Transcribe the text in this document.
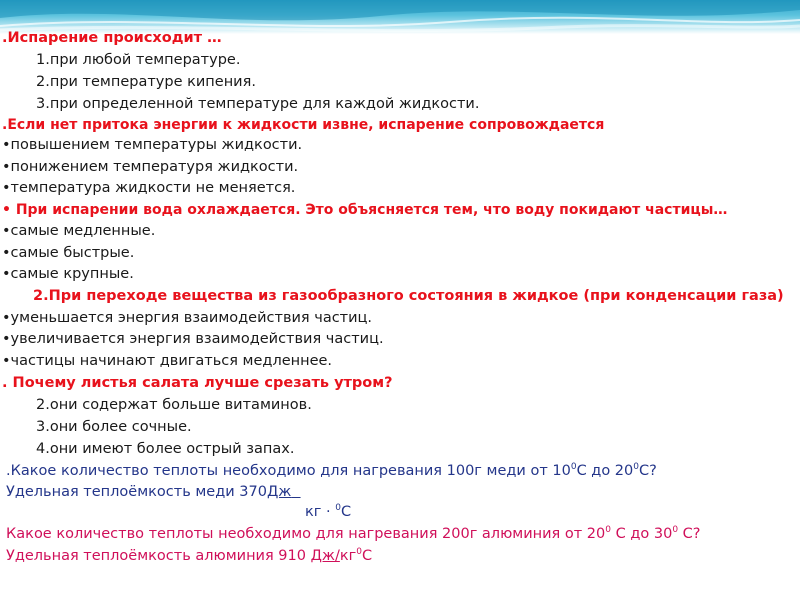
.Испарение происходит …
1.при любой температуре.
2.при температуре кипения.
3.при определенной температуре для каждой жидкости.
.Если нет притока энергии к жидкости извне, испарение сопровождается
•повышением температуры жидкости.
•понижением температуря жидкости.
•температура жидкости не меняется.
• При испарении вода охлаждается. Это объясняется тем, что воду покидают частицы…
•самые медленные.
•самые быстрые.
•самые крупные.
2.При переходе вещества из газообразного состояния в жидкое (при конденсации газа)
•уменьшается энергия взаимодействия частиц.
•увеличивается энергия взаимодействия частиц.
•частицы начинают двигаться медленнее.
. Почему листья салата лучше срезать утром?
2.они содержат больше витаминов.
3.они более сочные.
4.они имеют более острый запах.
.Какое количество теплоты необходимо для нагревания 100г меди от $10^0С$ до $20^0С$?
Удельная теплоёмкость меди 370Дж
кг · $^0$С
Какое количество теплоты необходимо для нагревания 200г алюминия от $20^0$ С до $30^0$ С?
Удельная теплоёмкость алюминия 910 $Дж/кг^0С$
